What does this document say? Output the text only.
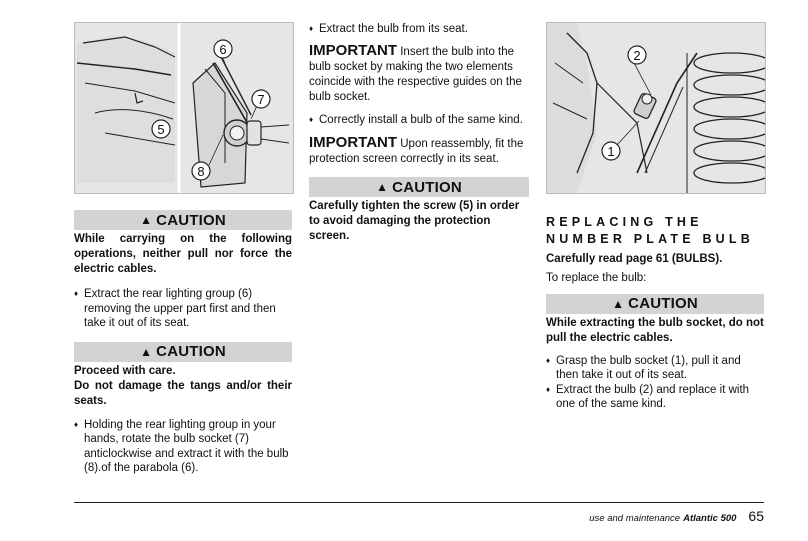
6
7
5
8
▲ CAUTION
While carrying on the following operations, neither pull nor force the electric cables.
♦ Extract the rear lighting group (6) removing the upper part first and then take it out of its seat.
▲ CAUTION
Proceed with care.
Do not damage the tangs and/or their seats.
♦ Holding the rear lighting group in your hands, rotate the bulb socket (7) anticlockwise and extract it with the bulb (8).of the parabola (6).
♦ Extract the bulb from its seat.
IMPORTANT Insert the bulb into the bulb socket by making the two elements coincide with the respective guides on the bulb socket.
♦ Correctly install a bulb of the same kind.
IMPORTANT Upon reassembly, fit the protection screen correctly in its seat.
▲ CAUTION
Carefully tighten the screw (5) in order to avoid damaging the protection screen.
2
1
REPLACING THE NUMBER PLATE BULB
Carefully read page 61 (BULBS).
To replace the bulb:
▲ CAUTION
While extracting the bulb socket, do not pull the electric cables.
♦ Grasp the bulb socket (1), pull it and then take it out of its seat.
♦ Extract the bulb (2) and replace it with one of the same kind.
use and maintenance Atlantic 500 65
